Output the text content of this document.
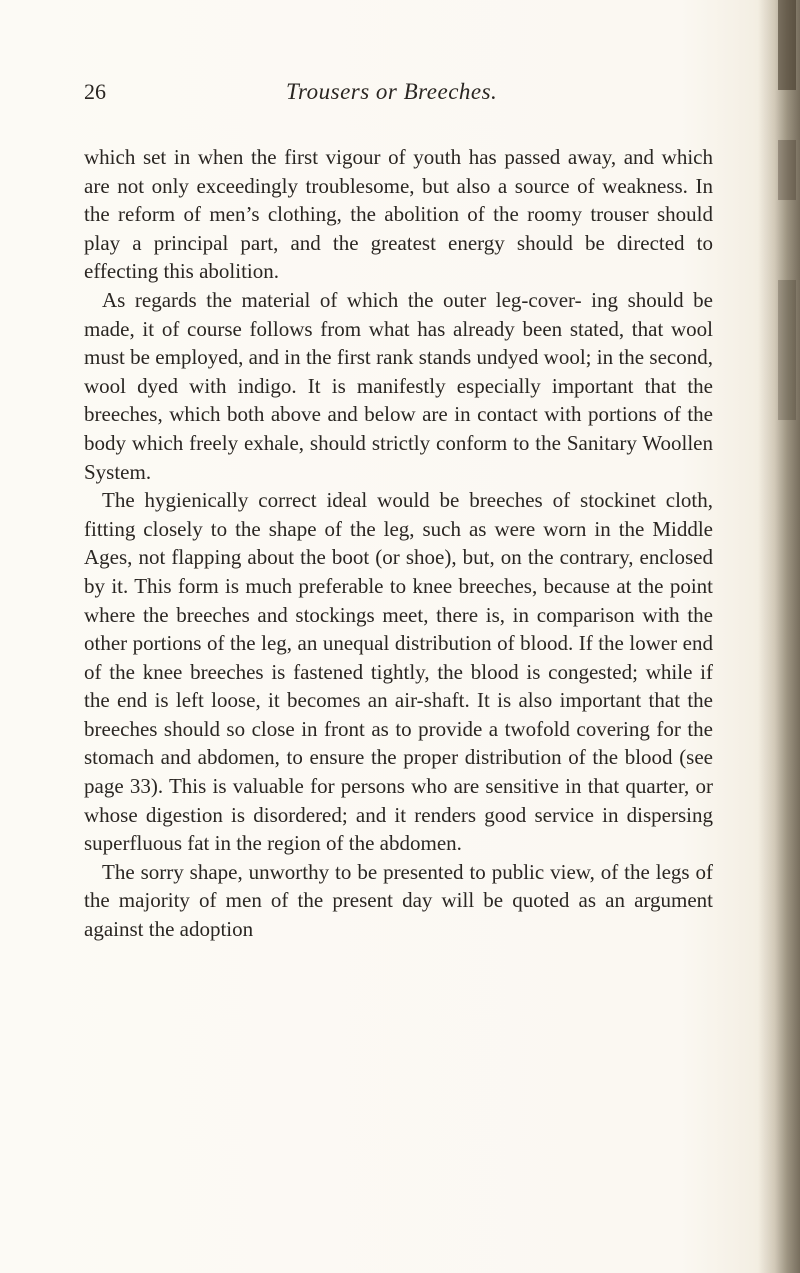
26	Trousers or Breeches.

which set in when the first vigour of youth has passed away, and which are not only exceedingly troublesome, but also a source of weakness. In the reform of men’s clothing, the abolition of the roomy trouser should play a principal part, and the greatest energy should be directed to effecting this abolition.

As regards the material of which the outer leg-cover- ing should be made, it of course follows from what has already been stated, that wool must be employed, and in the first rank stands undyed wool; in the second, wool dyed with indigo. It is manifestly especially important that the breeches, which both above and below are in contact with portions of the body which freely exhale, should strictly conform to the Sanitary Woollen System.

The hygienically correct ideal would be breeches of stockinet cloth, fitting closely to the shape of the leg, such as were worn in the Middle Ages, not flapping about the boot (or shoe), but, on the contrary, enclosed by it. This form is much preferable to knee breeches, because at the point where the breeches and stockings meet, there is, in comparison with the other portions of the leg, an unequal distribution of blood. If the lower end of the knee breeches is fastened tightly, the blood is congested; while if the end is left loose, it becomes an air-shaft. It is also important that the breeches should so close in front as to provide a twofold covering for the stomach and abdomen, to ensure the proper distribution of the blood (see page 33). This is valuable for persons who are sensitive in that quarter, or whose digestion is disordered; and it renders good service in dispersing superfluous fat in the region of the abdomen.

The sorry shape, unworthy to be presented to public view, of the legs of the majority of men of the present day will be quoted as an argument against the adoption
